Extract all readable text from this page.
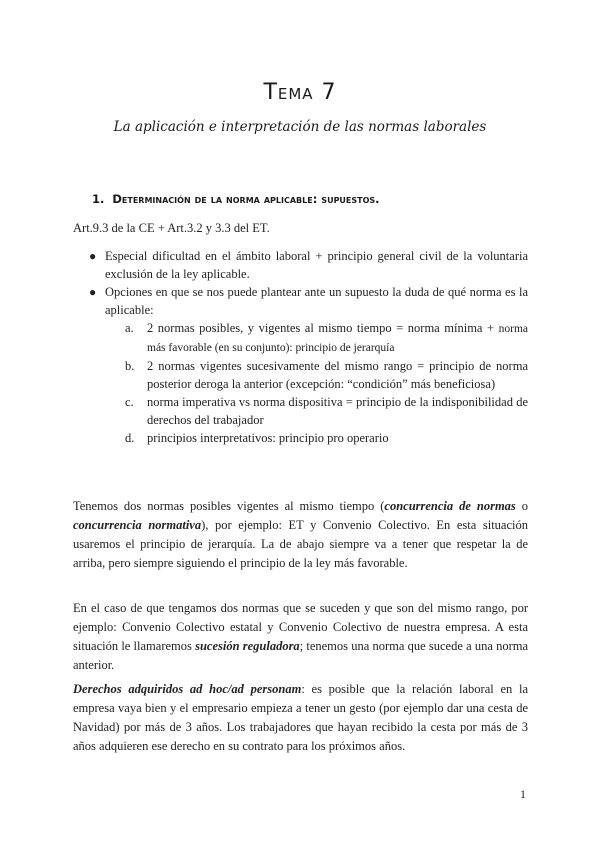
Tema 7
La aplicación e interpretación de las normas laborales
1. Determinación de la norma aplicable: supuestos.
Art.9.3 de la CE + Art.3.2 y 3.3 del ET.
● Especial dificultad en el ámbito laboral + principio general civil de la voluntaria exclusión de la ley aplicable.
● Opciones en que se nos puede plantear ante un supuesto la duda de qué norma es la aplicable:
a. 2 normas posibles, y vigentes al mismo tiempo = norma mínima + norma más favorable (en su conjunto): principio de jerarquía
b. 2 normas vigentes sucesivamente del mismo rango = principio de norma posterior deroga la anterior (excepción: “condición” más beneficiosa)
c. norma imperativa vs norma dispositiva = principio de la indisponibilidad de derechos del trabajador
d. principios interpretativos: principio pro operario

Tenemos dos normas posibles vigentes al mismo tiempo (concurrencia de normas o concurrencia normativa), por ejemplo: ET y Convenio Colectivo. En esta situación usaremos el principio de jerarquía. La de abajo siempre va a tener que respetar la de arriba, pero siempre siguiendo el principio de la ley más favorable.

En el caso de que tengamos dos normas que se suceden y que son del mismo rango, por ejemplo: Convenio Colectivo estatal y Convenio Colectivo de nuestra empresa. A esta situación le llamaremos sucesión reguladora; tenemos una norma que sucede a una norma anterior.

Derechos adquiridos ad hoc/ad personam: es posible que la relación laboral en la empresa vaya bien y el empresario empieza a tener un gesto (por ejemplo dar una cesta de Navidad) por más de 3 años. Los trabajadores que hayan recibido la cesta por más de 3 años adquieren ese derecho en su contrato para los próximos años.

1
